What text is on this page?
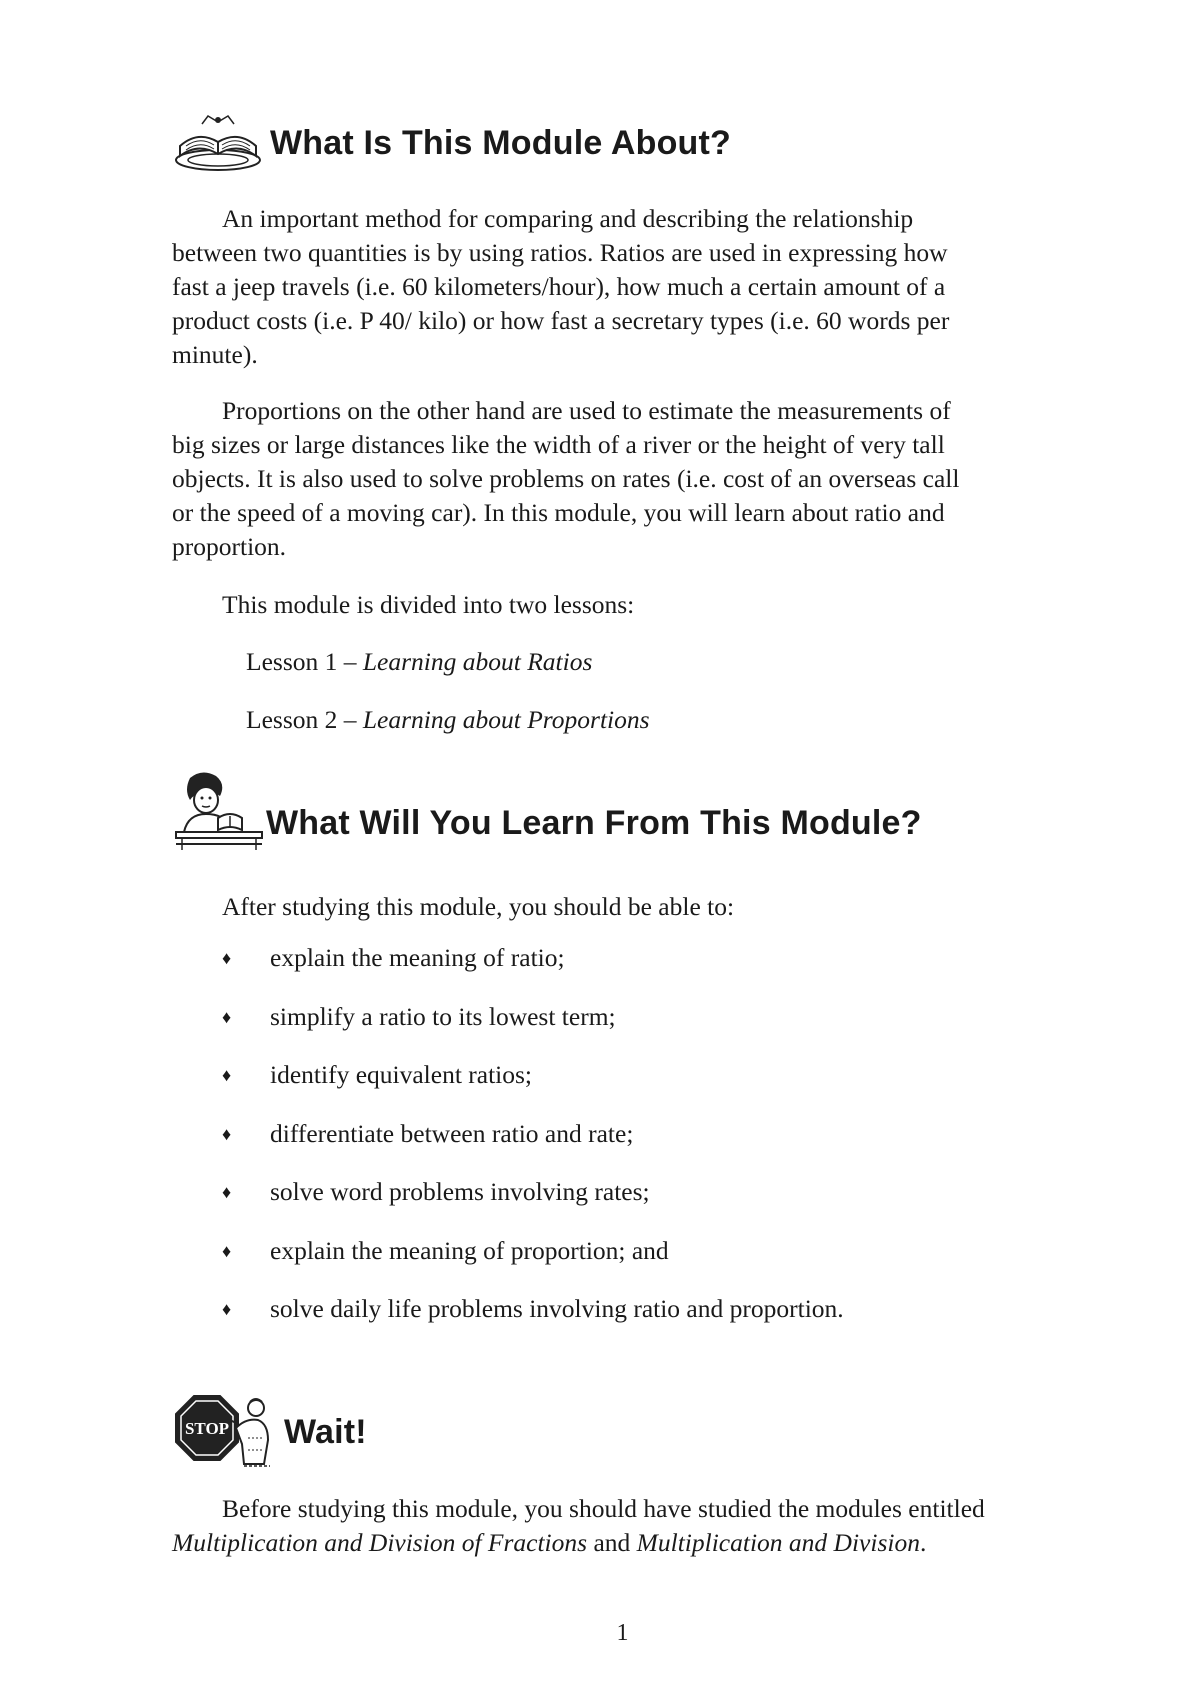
What Is This Module About?

An important method for comparing and describing the relationship
between two quantities is by using ratios. Ratios are used in expressing how
fast a jeep travels (i.e. 60 kilometers/hour), how much a certain amount of a
product costs (i.e. P 40/ kilo) or how fast a secretary types (i.e. 60 words per
minute).

Proportions on the other hand are used to estimate the measurements of
big sizes or large distances like the width of a river or the height of very tall
objects. It is also used to solve problems on rates (i.e. cost of an overseas call
or the speed of a moving car). In this module, you will learn about ratio and
proportion.

This module is divided into two lessons:

Lesson 1 – Learning about Ratios
Lesson 2 – Learning about Proportions
What Will You Learn From This Module?

After studying this module, you should be able to:

♦	explain the meaning of ratio;
♦	simplify a ratio to its lowest term;
♦	identify equivalent ratios;
♦	differentiate between ratio and rate;
♦	solve word problems involving rates;
♦	explain the meaning of proportion; and
♦	solve daily life problems involving ratio and proportion.
STOP Wait!

Before studying this module, you should have studied the modules entitled
Multiplication and Division of Fractions and Multiplication and Division.

1
